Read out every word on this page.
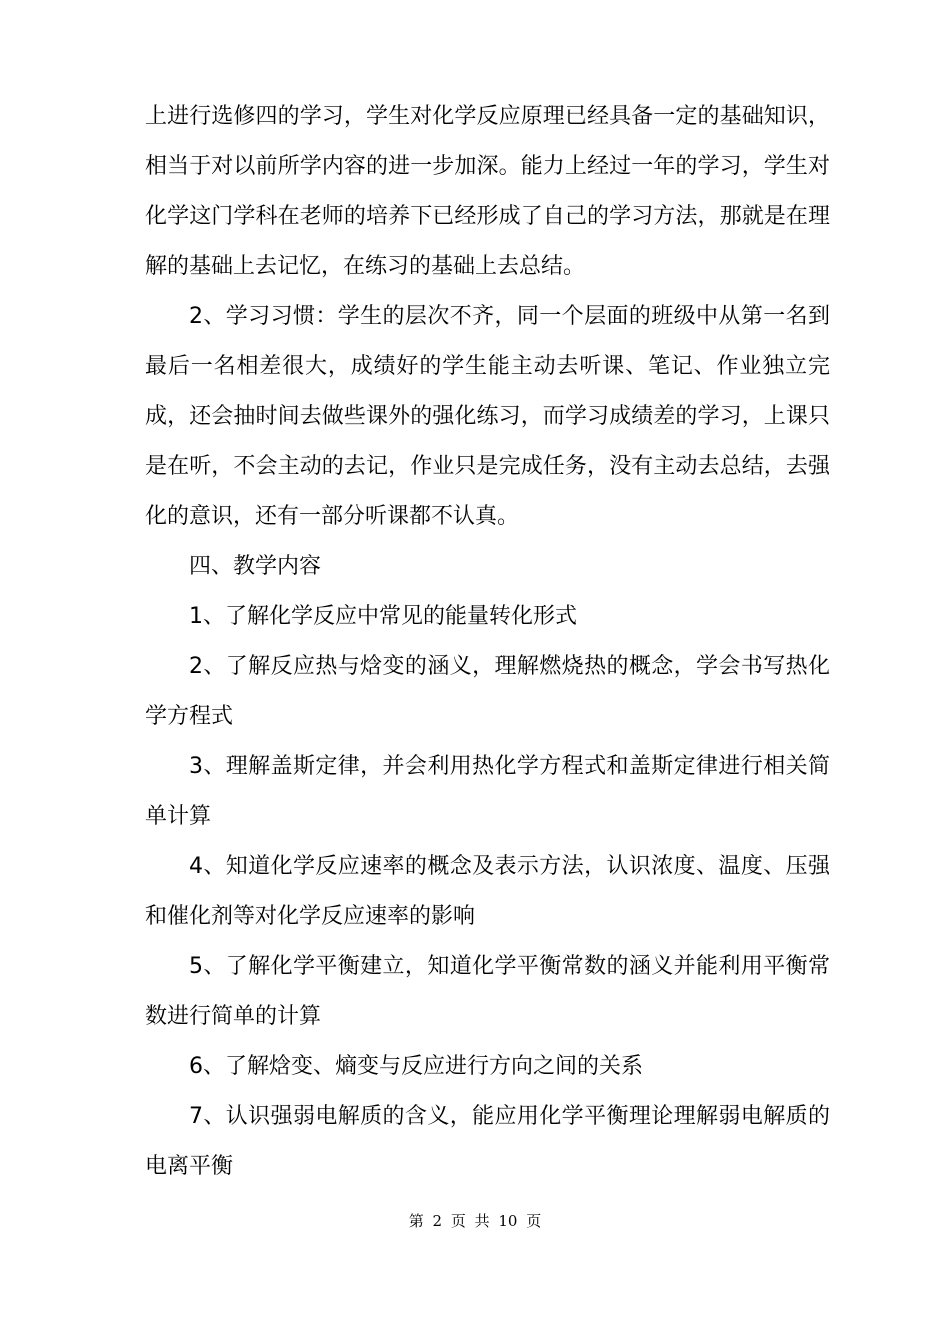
上进行选修四的学习，学生对化学反应原理已经具备一定的基础知识，相当于对以前所学内容的进一步加深。能力上经过一年的学习，学生对化学这门学科在老师的培养下已经形成了自己的学习方法，那就是在理解的基础上去记忆，在练习的基础上去总结。

2、学习习惯：学生的层次不齐，同一个层面的班级中从第一名到最后一名相差很大，成绩好的学生能主动去听课、笔记、作业独立完成，还会抽时间去做些课外的强化练习，而学习成绩差的学习，上课只是在听，不会主动的去记，作业只是完成任务，没有主动去总结，去强化的意识，还有一部分听课都不认真。

四、教学内容

1、了解化学反应中常见的能量转化形式

2、了解反应热与焓变的涵义，理解燃烧热的概念，学会书写热化学方程式

3、理解盖斯定律，并会利用热化学方程式和盖斯定律进行相关简单计算

4、知道化学反应速率的概念及表示方法，认识浓度、温度、压强和催化剂等对化学反应速率的影响

5、了解化学平衡建立，知道化学平衡常数的涵义并能利用平衡常数进行简单的计算

6、了解焓变、熵变与反应进行方向之间的关系

7、认识强弱电解质的含义，能应用化学平衡理论理解弱电解质的电离平衡

第 2 页 共 10 页
